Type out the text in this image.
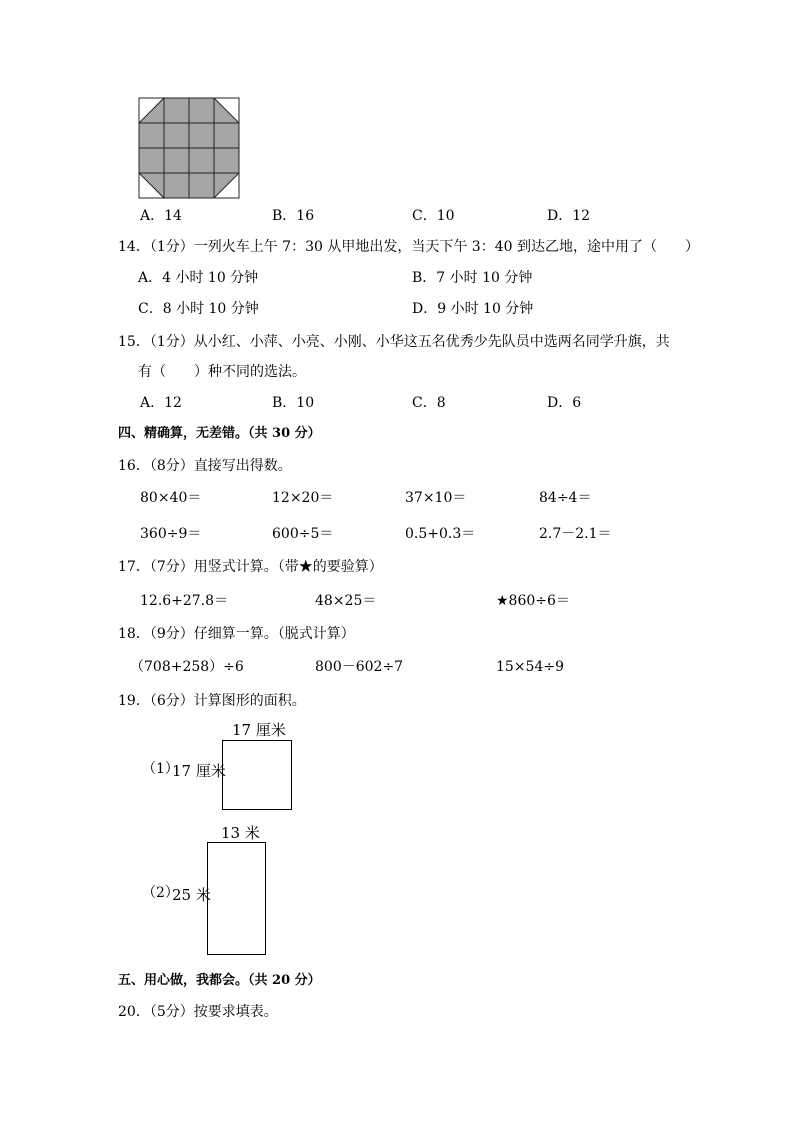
A．14	B．16	C．10	D．12
14．（1分）一列火车上午 7：30 从甲地出发，当天下午 3：40 到达乙地，途中用了（　　）
A．4 小时 10 分钟	B．7 小时 10 分钟
C．8 小时 10 分钟	D．9 小时 10 分钟
15．（1分）从小红、小萍、小亮、小刚、小华这五名优秀少先队员中选两名同学升旗，共
有（　　）种不同的选法。
A．12	B．10	C．8	D．6
四、精确算，无差错。（共 30 分）
16．（8分）直接写出得数。
80×40＝	12×20＝	37×10＝	84÷4＝
360÷9＝	600÷5＝	0.5+0.3＝	2.7－2.1＝
17．（7分）用竖式计算。（带★的要验算）
12.6+27.8＝	48×25＝	★860÷6＝
18．（9分）仔细算一算。（脱式计算）
（708+258）÷6	800－602÷7	15×54÷9
19．（6分）计算图形的面积。
（1）
17 厘米
17 厘米
（2）
13 米
25 米
五、用心做，我都会。（共 20 分）
20．（5分）按要求填表。
